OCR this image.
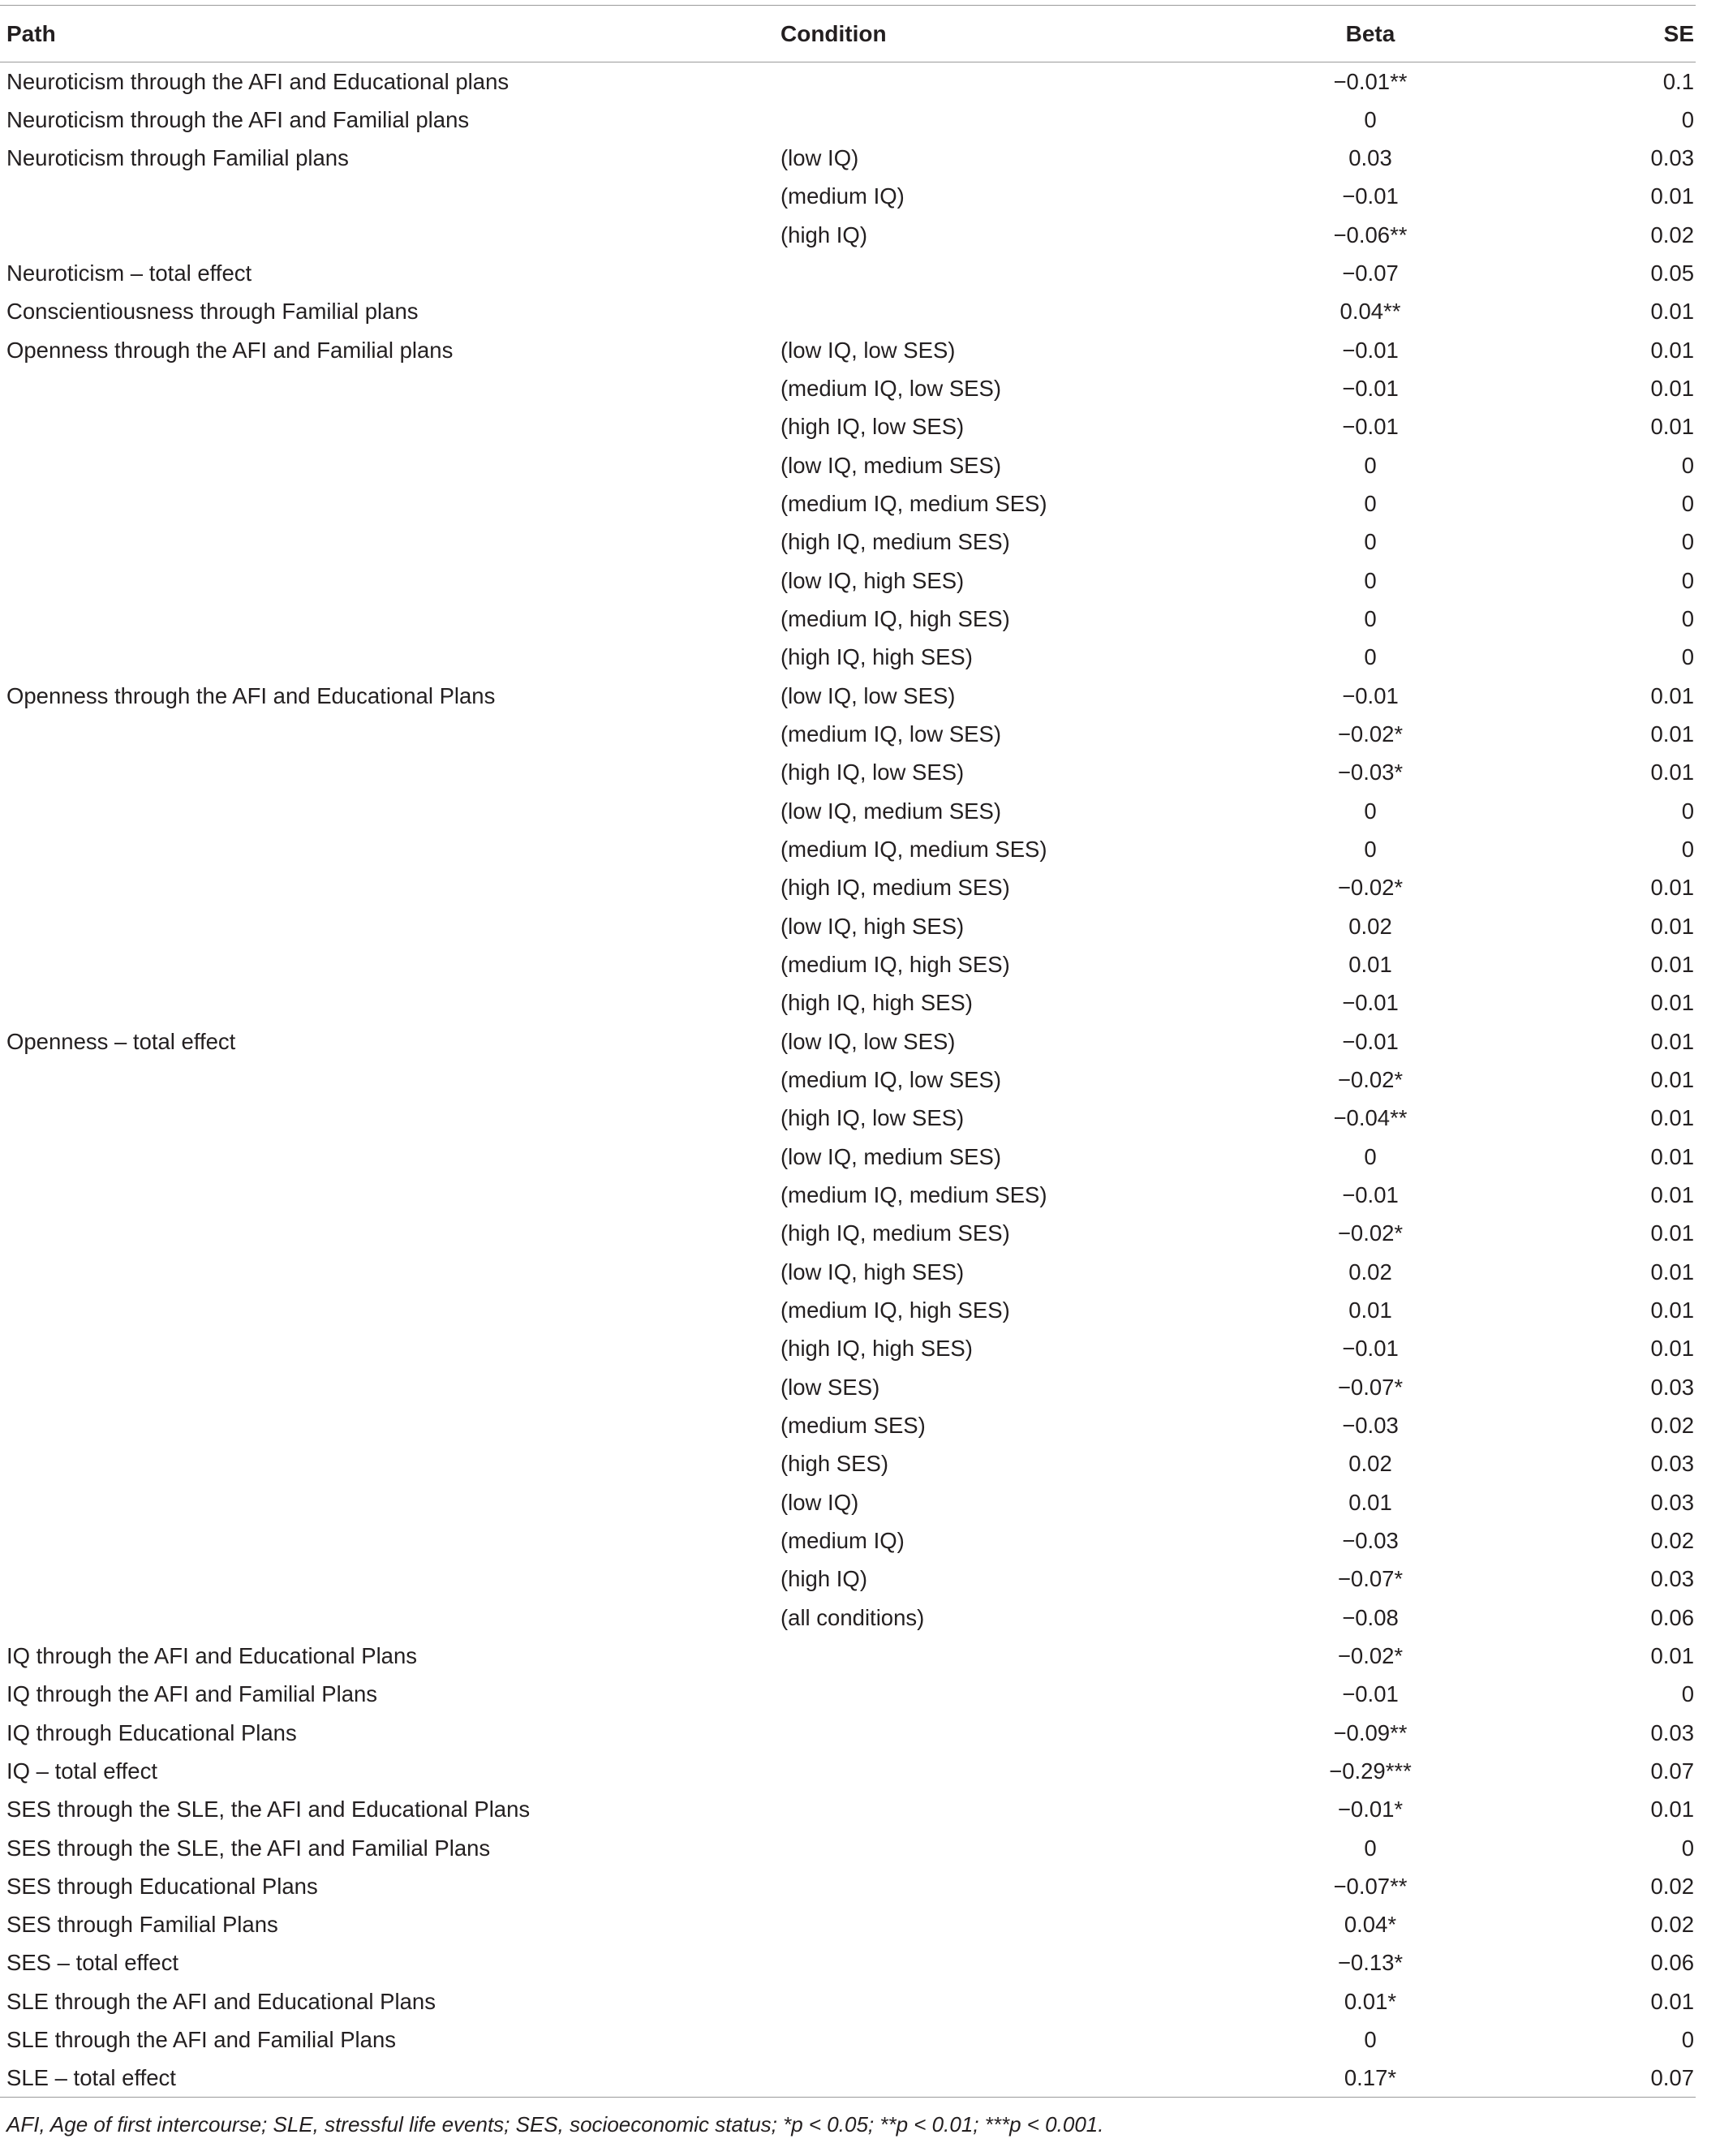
Path	Condition	Beta	SE
Neuroticism through the AFI and Educational plans		−0.01**	0.1
Neuroticism through the AFI and Familial plans		0	0
Neuroticism through Familial plans	(low IQ)	0.03	0.03
	(medium IQ)	−0.01	0.01
	(high IQ)	−0.06**	0.02
Neuroticism – total effect		−0.07	0.05
Conscientiousness through Familial plans		0.04**	0.01
Openness through the AFI and Familial plans	(low IQ, low SES)	−0.01	0.01
	(medium IQ, low SES)	−0.01	0.01
	(high IQ, low SES)	−0.01	0.01
	(low IQ, medium SES)	0	0
	(medium IQ, medium SES)	0	0
	(high IQ, medium SES)	0	0
	(low IQ, high SES)	0	0
	(medium IQ, high SES)	0	0
	(high IQ, high SES)	0	0
Openness through the AFI and Educational Plans	(low IQ, low SES)	−0.01	0.01
	(medium IQ, low SES)	−0.02*	0.01
	(high IQ, low SES)	−0.03*	0.01
	(low IQ, medium SES)	0	0
	(medium IQ, medium SES)	0	0
	(high IQ, medium SES)	−0.02*	0.01
	(low IQ, high SES)	0.02	0.01
	(medium IQ, high SES)	0.01	0.01
	(high IQ, high SES)	−0.01	0.01
Openness – total effect	(low IQ, low SES)	−0.01	0.01
	(medium IQ, low SES)	−0.02*	0.01
	(high IQ, low SES)	−0.04**	0.01
	(low IQ, medium SES)	0	0.01
	(medium IQ, medium SES)	−0.01	0.01
	(high IQ, medium SES)	−0.02*	0.01
	(low IQ, high SES)	0.02	0.01
	(medium IQ, high SES)	0.01	0.01
	(high IQ, high SES)	−0.01	0.01
	(low SES)	−0.07*	0.03
	(medium SES)	−0.03	0.02
	(high SES)	0.02	0.03
	(low IQ)	0.01	0.03
	(medium IQ)	−0.03	0.02
	(high IQ)	−0.07*	0.03
	(all conditions)	−0.08	0.06
IQ through the AFI and Educational Plans		−0.02*	0.01
IQ through the AFI and Familial Plans		−0.01	0
IQ through Educational Plans		−0.09**	0.03
IQ – total effect		−0.29***	0.07
SES through the SLE, the AFI and Educational Plans		−0.01*	0.01
SES through the SLE, the AFI and Familial Plans		0	0
SES through Educational Plans		−0.07**	0.02
SES through Familial Plans		0.04*	0.02
SES – total effect		−0.13*	0.06
SLE through the AFI and Educational Plans		0.01*	0.01
SLE through the AFI and Familial Plans		0	0
SLE – total effect		0.17*	0.07
AFI, Age of first intercourse; SLE, stressful life events; SES, socioeconomic status; *p < 0.05; **p < 0.01; ***p < 0.001.
